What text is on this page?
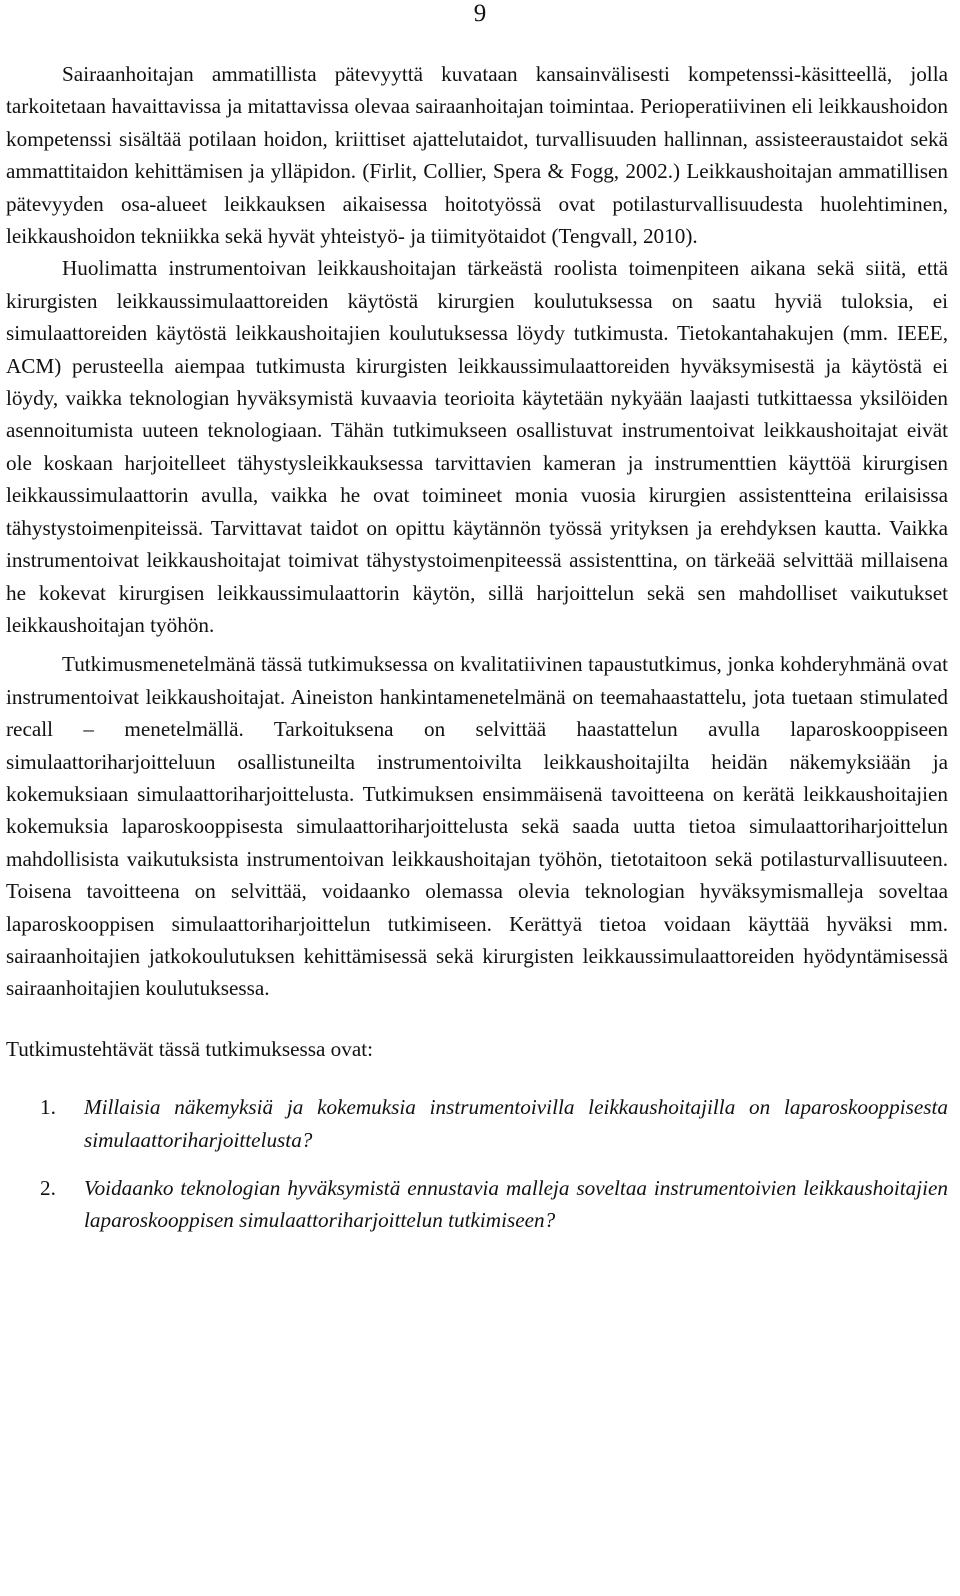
9

Sairaanhoitajan ammatillista pätevyyttä kuvataan kansainvälisesti kompetenssi-käsitteellä, jolla tarkoitetaan havaittavissa ja mitattavissa olevaa sairaanhoitajan toimintaa. Perioperatiivinen eli leikkaushoidon kompetenssi sisältää potilaan hoidon, kriittiset ajattelutaidot, turvallisuuden hallinnan, assisteeraustaidot sekä ammattitaidon kehittämisen ja ylläpidon. (Firlit, Collier, Spera & Fogg, 2002.) Leikkaushoitajan ammatillisen pätevyyden osa-alueet leikkauksen aikaisessa hoitotyössä ovat potilasturvallisuudesta huolehtiminen, leikkaushoidon tekniikka sekä hyvät yhteistyö- ja tiimityötaidot (Tengvall, 2010).

Huolimatta instrumentoivan leikkaushoitajan tärkeästä roolista toimenpiteen aikana sekä siitä, että kirurgisten leikkaussimulaattoreiden käytöstä kirurgien koulutuksessa on saatu hyviä tuloksia, ei simulaattoreiden käytöstä leikkaushoitajien koulutuksessa löydy tutkimusta. Tietokantahakujen (mm. IEEE, ACM) perusteella aiempaa tutkimusta kirurgisten leikkaussimulaattoreiden hyväksymisestä ja käytöstä ei löydy, vaikka teknologian hyväksymistä kuvaavia teorioita käytetään nykyään laajasti tutkittaessa yksilöiden asennoitumista uuteen teknologiaan. Tähän tutkimukseen osallistuvat instrumentoivat leikkaushoitajat eivät ole koskaan harjoitelleet tähystysleikkauksessa tarvittavien kameran ja instrumenttien käyttöä kirurgisen leikkaussimulaattorin avulla, vaikka he ovat toimineet monia vuosia kirurgien assistentteina erilaisissa tähystystoimenpiteissä. Tarvittavat taidot on opittu käytännön työssä yrityksen ja erehdyksen kautta. Vaikka instrumentoivat leikkaushoitajat toimivat tähystystoimenpiteessä assistenttina, on tärkeää selvittää millaisena he kokevat kirurgisen leikkaussimulaattorin käytön, sillä harjoittelun sekä sen mahdolliset vaikutukset leikkaushoitajan työhön.

Tutkimusmenetelmänä tässä tutkimuksessa on kvalitatiivinen tapaustutkimus, jonka kohderyhmänä ovat instrumentoivat leikkaushoitajat. Aineiston hankintamenetelmänä on teemahaastattelu, jota tuetaan stimulated recall – menetelmällä. Tarkoituksena on selvittää haastattelun avulla laparoskooppiseen simulaattoriharjoitteluun osallistuneilta instrumentoivilta leikkaushoitajilta heidän näkemyksiään ja kokemuksiaan simulaattoriharjoittelusta. Tutkimuksen ensimmäisenä tavoitteena on kerätä leikkaushoitajien kokemuksia laparoskooppisesta simulaattoriharjoittelusta sekä saada uutta tietoa simulaattoriharjoittelun mahdollisista vaikutuksista instrumentoivan leikkaushoitajan työhön, tietotaitoon sekä potilasturvallisuuteen. Toisena tavoitteena on selvittää, voidaanko olemassa olevia teknologian hyväksymismalleja soveltaa laparoskooppisen simulaattoriharjoittelun tutkimiseen. Kerättyä tietoa voidaan käyttää hyväksi mm. sairaanhoitajien jatkokoulutuksen kehittämisessä sekä kirurgisten leikkaussimulaattoreiden hyödyntämisessä sairaanhoitajien koulutuksessa.

Tutkimustehtävät tässä tutkimuksessa ovat:

1.	Millaisia näkemyksiä ja kokemuksia instrumentoivilla leikkaushoitajilla on laparoskooppisesta simulaattoriharjoittelusta?
2.	Voidaanko teknologian hyväksymistä ennustavia malleja soveltaa instrumentoivien leikkaushoitajien laparoskooppisen simulaattoriharjoittelun tutkimiseen?
